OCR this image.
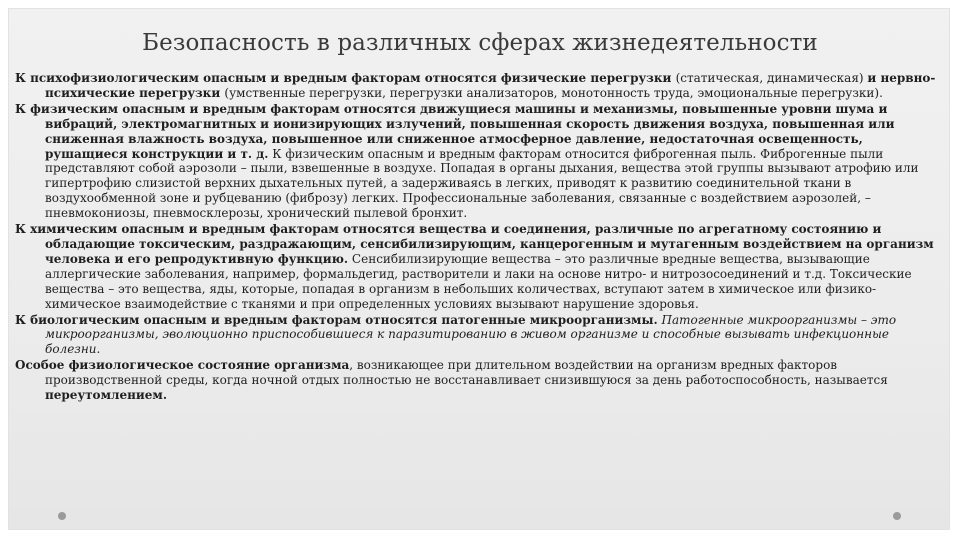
Безопасность в различных сферах жизнедеятельности

К психофизиологическим опасным и вредным факторам относятся физические перегрузки (статическая, динамическая) и нервно-психические перегрузки (умственные перегрузки, перегрузки анализаторов, монотонность труда, эмоциональные перегрузки).

К физическим опасным и вредным факторам относятся движущиеся машины и механизмы, повышенные уровни шума и вибраций, электромагнитных и ионизирующих излучений, повышенная скорость движения воздуха, повышенная или сниженная влажность воздуха, повышенное или сниженное атмосферное давление, недостаточная освещенность, рушащиеся конструкции и т. д. К физическим опасным и вредным факторам относится фиброгенная пыль. Фиброгенные пыли представляют собой аэрозоли – пыли, взвешенные в воздухе. Попадая в органы дыхания, вещества этой группы вызывают атрофию или гипертрофию слизистой верхних дыхательных путей, а задерживаясь в легких, приводят к развитию соединительной ткани в воздухообменной зоне и рубцеванию (фиброзу) легких. Профессиональные заболевания, связанные с воздействием аэрозолей, – пневмокониозы, пневмосклерозы, хронический пылевой бронхит.

К химическим опасным и вредным факторам относятся вещества и соединения, различные по агрегатному состоянию и обладающие токсическим, раздражающим, сенсибилизирующим, канцерогенным и мутагенным воздействием на организм человека и его репродуктивную функцию. Сенсибилизирующие вещества – это различные вредные вещества, вызывающие аллергические заболевания, например, формальдегид, растворители и лаки на основе нитро- и нитрозосоединений и т.д. Токсические вещества – это вещества, яды, которые, попадая в организм в небольших количествах, вступают затем в химическое или физико-химическое взаимодействие с тканями и при определенных условиях вызывают нарушение здоровья.

К биологическим опасным и вредным факторам относятся патогенные микроорганизмы. Патогенные микроорганизмы – это микроорганизмы, эволюционно приспособившиеся к паразитированию в живом организме и способные вызывать инфекционные болезни.

Особое физиологическое состояние организма, возникающее при длительном воздействии на организм вредных факторов производственной среды, когда ночной отдых полностью не восстанавливает снизившуюся за день работоспособность, называется переутомлением.
